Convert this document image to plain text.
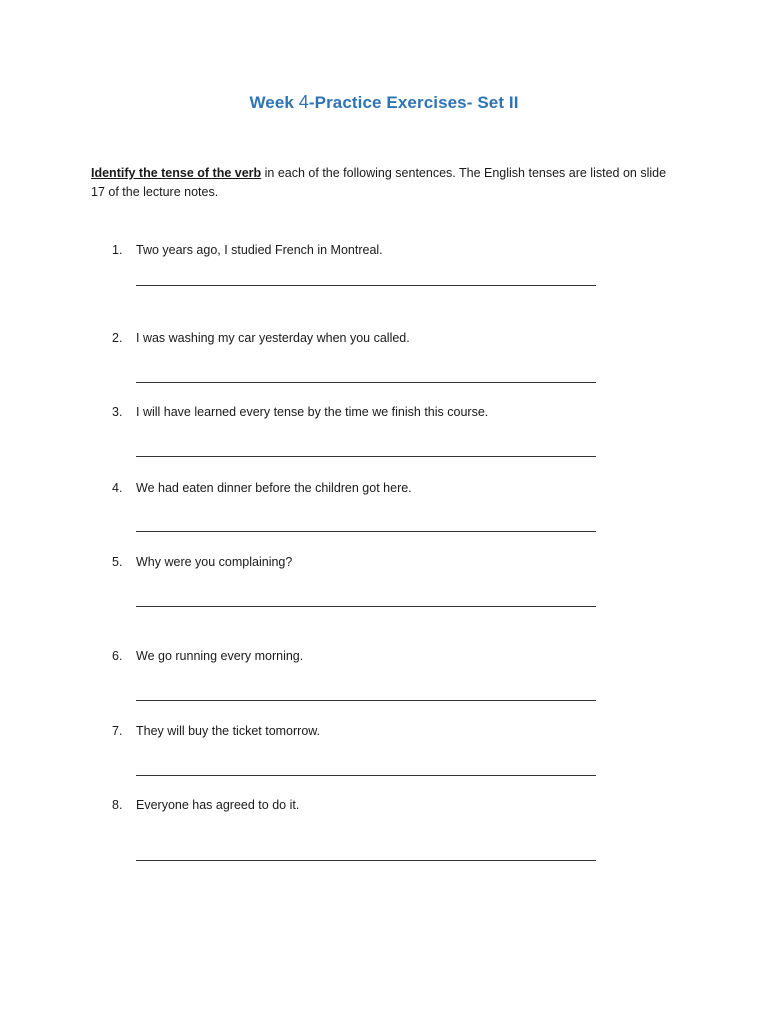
Week 4-Practice Exercises- Set II
Identify the tense of the verb in each of the following sentences. The English tenses are listed on slide 17 of the lecture notes.
1. Two years ago, I studied French in Montreal.
2. I was washing my car yesterday when you called.
3. I will have learned every tense by the time we finish this course.
4. We had eaten dinner before the children got here.
5. Why were you complaining?
6. We go running every morning.
7. They will buy the ticket tomorrow.
8. Everyone has agreed to do it.
